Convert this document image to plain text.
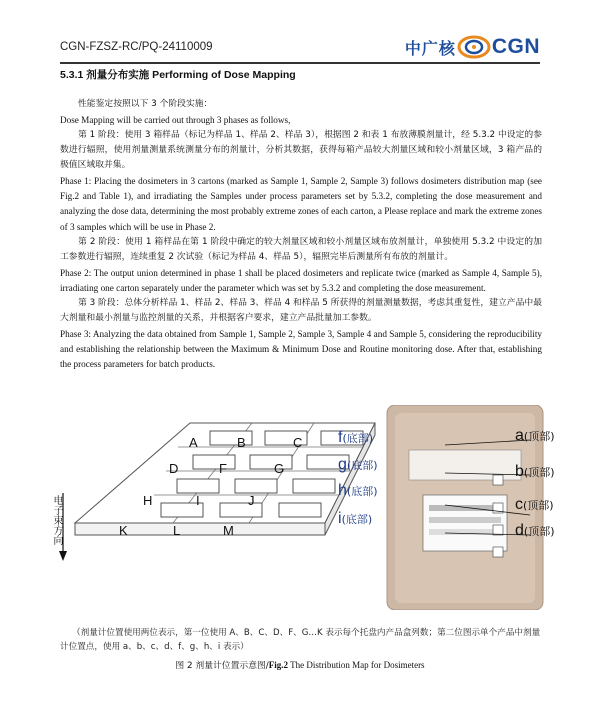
CGN-FZSZ-RC/PQ-24110009	中广核 CGN

5.3.1 剂量分布实施 Performing of Dose Mapping

性能鉴定按照以下 3 个阶段实施：

Dose Mapping will be carried out through 3 phases as follows,

第 1 阶段：使用 3 箱样品（标记为样品 1、样品 2、样品 3），根据图 2 和表 1 布放薄膜剂量计，经 5.3.2 中设定的参数进行辐照，使用剂量测量系统测量分布的剂量计，分析其数据，获得每箱产品较大剂量区域和较小剂量区域，3 箱产品的极值区域取并集。

Phase 1: Placing the dosimeters in 3 cartons (marked as Sample 1, Sample 2, Sample 3) follows dosimeters distribution map (see Fig.2 and Table 1), and irradiating the Samples under process parameters set by 5.3.2, completing the dose measurement and analyzing the dose data, determining the most probably extreme zones of each carton, a Please replace and mark the extreme zones of 3 samples which will be use in Phase 2.

第 2 阶段：使用 1 箱样品在第 1 阶段中确定的较大剂量区域和较小剂量区域布放剂量计，单独使用 5.3.2 中设定的加工参数进行辐照，连续重复 2 次试验（标记为样品 4、样品 5），辐照完毕后测量所有布放的剂量计。

Phase 2: The output union determined in phase 1 shall be placed dosimeters and replicate twice (marked as Sample 4, Sample 5), irradiating one carton separately under the parameter which was set by 5.3.2 and completing the dose measurement.

第 3 阶段：总体分析样品 1、样品 2、样品 3、样品 4 和样品 5 所获得的剂量测量数据，考虑其重复性，建立产品中最大剂量和最小剂量与监控剂量的关系，并根据客户要求，建立产品批量加工参数。

Phase 3: Analyzing the data obtained from Sample 1, Sample 2, Sample 3, Sample 4 and Sample 5, considering the reproducibility and establishing the relationship between the Maximum & Minimum Dose and Routine monitoring dose. After that, establishing the process parameters for batch products.

A	B	C
D	F	G
H	I	J
K	L	M
电子束方向
f(底部)
g(底部)
h(底部)
i(底部)
a(顶部)
b(顶部)
c(顶部)
d(顶部)
（剂量计位置使用两位表示，第一位使用 A、B、C、D、F、G…K 表示每个托盘内产品盒列数；第二位图示单个产品中剂量计位置点，使用 a、b、c、d、f、g、h、i 表示）
图 2 剂量计位置示意图/Fig.2 The Distribution Map for Dosimeters
